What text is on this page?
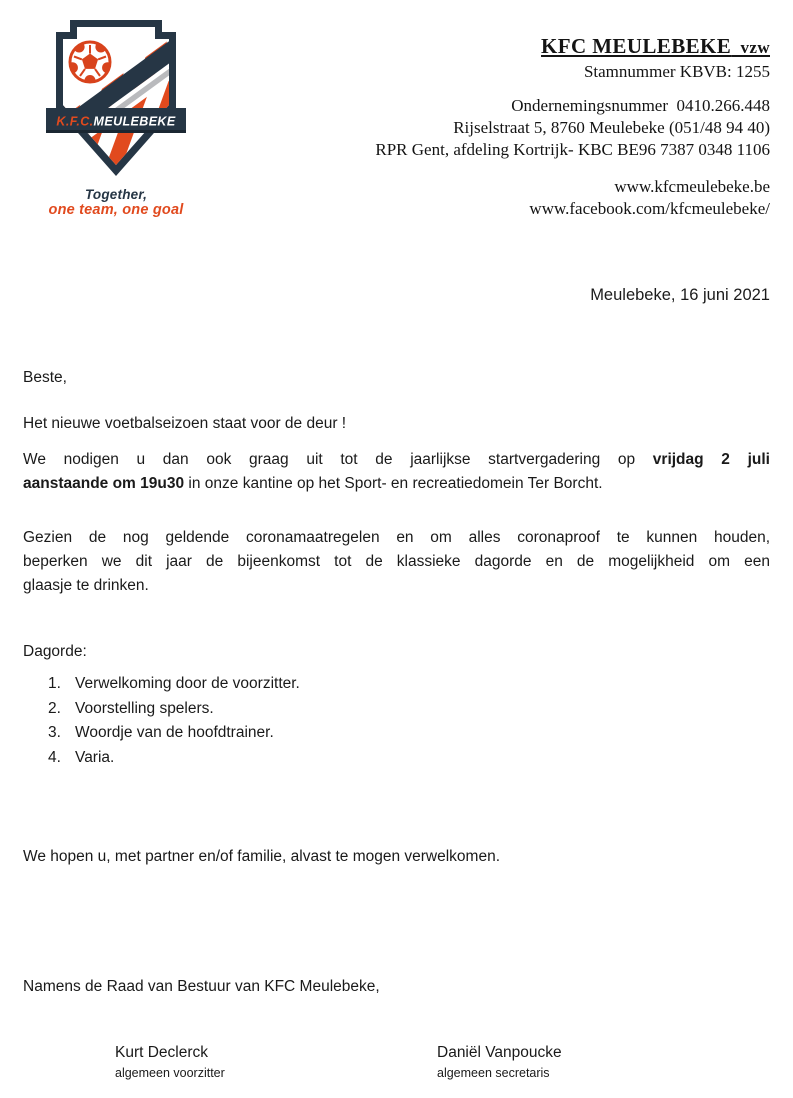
K.F.C.MEULEBEKE
Together,
one team, one goal
KFC MEULEBEKE  vzw
Stamnummer KBVB: 1255
Ondernemingsnummer  0410.266.448
Rijselstraat 5, 8760 Meulebeke (051/48 94 40)
RPR Gent, afdeling Kortrijk- KBC BE96 7387 0348 1106
www.kfcmeulebeke.be
www.facebook.com/kfcmeulebeke/
Meulebeke, 16 juni 2021
Beste,
Het nieuwe voetbalseizoen staat voor de deur !
We nodigen u dan ook graag uit tot de jaarlijkse startvergadering op vrijdag 2 juli
aanstaande om 19u30 in onze kantine op het Sport- en recreatiedomein Ter Borcht.
Gezien de nog geldende coronamaatregelen en om alles coronaproof te kunnen houden,
beperken we dit jaar de bijeenkomst tot de klassieke dagorde en de mogelijkheid om een
glaasje te drinken.
Dagorde:
1. Verwelkoming door de voorzitter.
2. Voorstelling spelers.
3. Woordje van de hoofdtrainer.
4. Varia.
We hopen u, met partner en/of familie, alvast te mogen verwelkomen.
Namens de Raad van Bestuur van KFC Meulebeke,
Kurt Declerck
algemeen voorzitter
Daniël Vanpoucke
algemeen secretaris
